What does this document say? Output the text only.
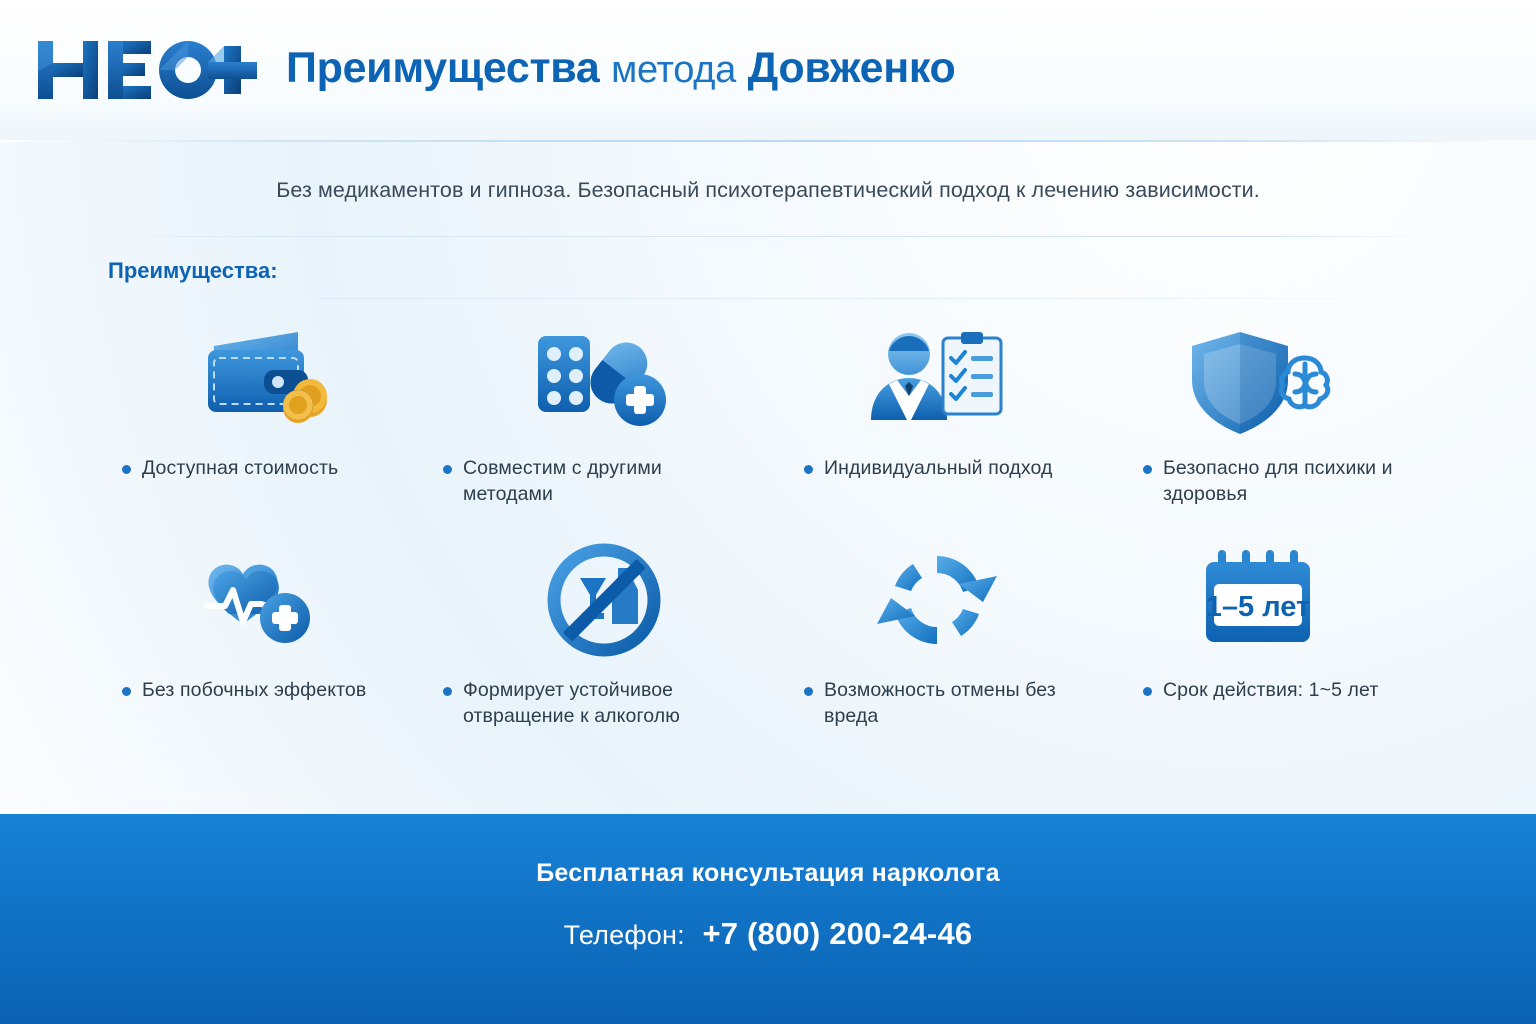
Преимущества метода Довженко
Без медикаментов и гипноза. Безопасный психотерапевтический подход к лечению зависимости.
Преимущества:
Доступная стоимость	Совместим с другими методами
Индивидуальный подход	Безопасно для психики и здоровья
Без побочных эффектов	Формирует устойчивое отвращение к алкоголю
Возможность отмены без вреда
1–5 лет
Срок действия: 1~5 лет
Бесплатная консультация нарколога
Телефон: +7 (800) 200-24-46
